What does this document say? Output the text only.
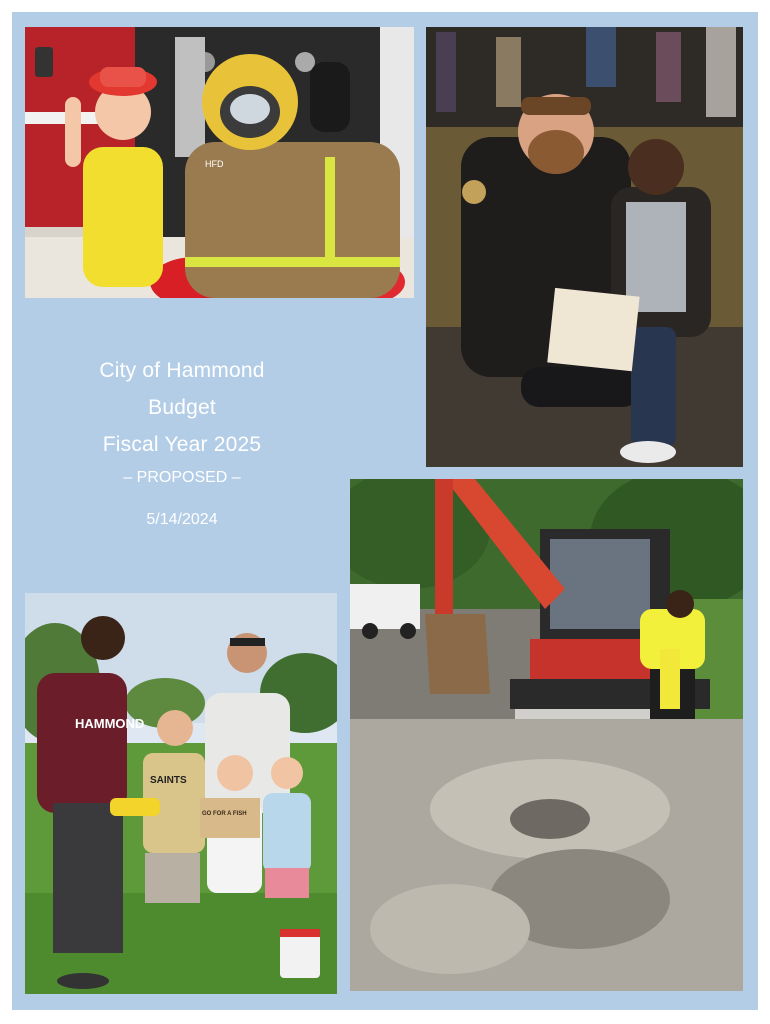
HFD
City of Hammond
Budget
Fiscal Year 2025
– PROPOSED –
5/14/2024
HAMMOND
SAINTS
GO FOR A FISH
